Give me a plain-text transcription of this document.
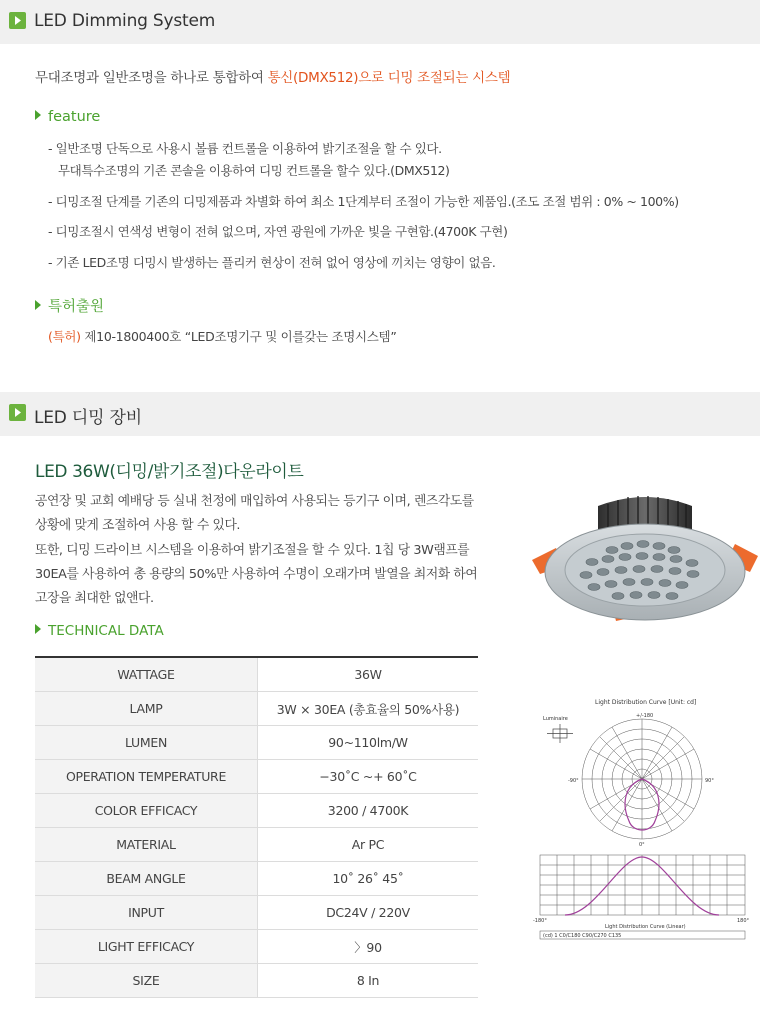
LED Dimming System
무대조명과 일반조명을 하나로 통합하여 통신(DMX512)으로 디밍 조절되는 시스템
feature
- 일반조명 단독으로 사용시 볼륨 컨트롤을 이용하여 밝기조절을 할 수 있다.
무대특수조명의 기존 콘솔을 이용하여 디밍 컨트롤을 할수 있다.(DMX512)
- 디밍조절 단계를 기존의 디밍제품과 차별화 하여 최소 1단계부터 조절이 가능한 제품임.(조도 조절 범위 : 0% ~ 100%)
- 디밍조절시 연색성 변형이 전혀 없으며, 자연 광원에 가까운 빛을 구현함.(4700K 구현)
- 기존 LED조명 디밍시 발생하는 플리커 현상이 전혀 없어 영상에 끼치는 영향이 없음.
특허출원
(특허) 제10-1800400호 “LED조명기구 및 이를갖는 조명시스템”
LED 디밍 장비
LED 36W(디밍/밝기조절)다운라이트
공연장 및 교회 예배당 등 실내 천정에 매입하여 사용되는 등기구 이며, 렌즈각도를
상황에 맞게 조절하여 사용 할 수 있다.
또한, 디밍 드라이브 시스템을 이용하여 밝기조절을 할 수 있다. 1칩 당 3W램프를
30EA를 사용하여 총 용량의 50%만 사용하여 수명이 오래가며 발열을 최저화 하여
고장을 최대한 없앤다.
TECHNICAL DATA
WATTAGE	36W
LAMP	3W × 30EA (총효율의 50%사용)
LUMEN	90~110lm/W
OPERATION TEMPERATURE	−30˚C ~+ 60˚C
COLOR EFFICACY	3200 / 4700K
MATERIAL	Ar PC
BEAM ANGLE	10˚ 26˚ 45˚
INPUT	DC24V / 220V
LIGHT EFFICACY	〉90
SIZE	8 In
Light Distribution Curve [Unit: cd]
Luminaire	+/-180
-90°	90°
0°
-180°	180°
Light Distribution Curve (Linear)
(cd) 1 C0/C180 C90/C270 C135
